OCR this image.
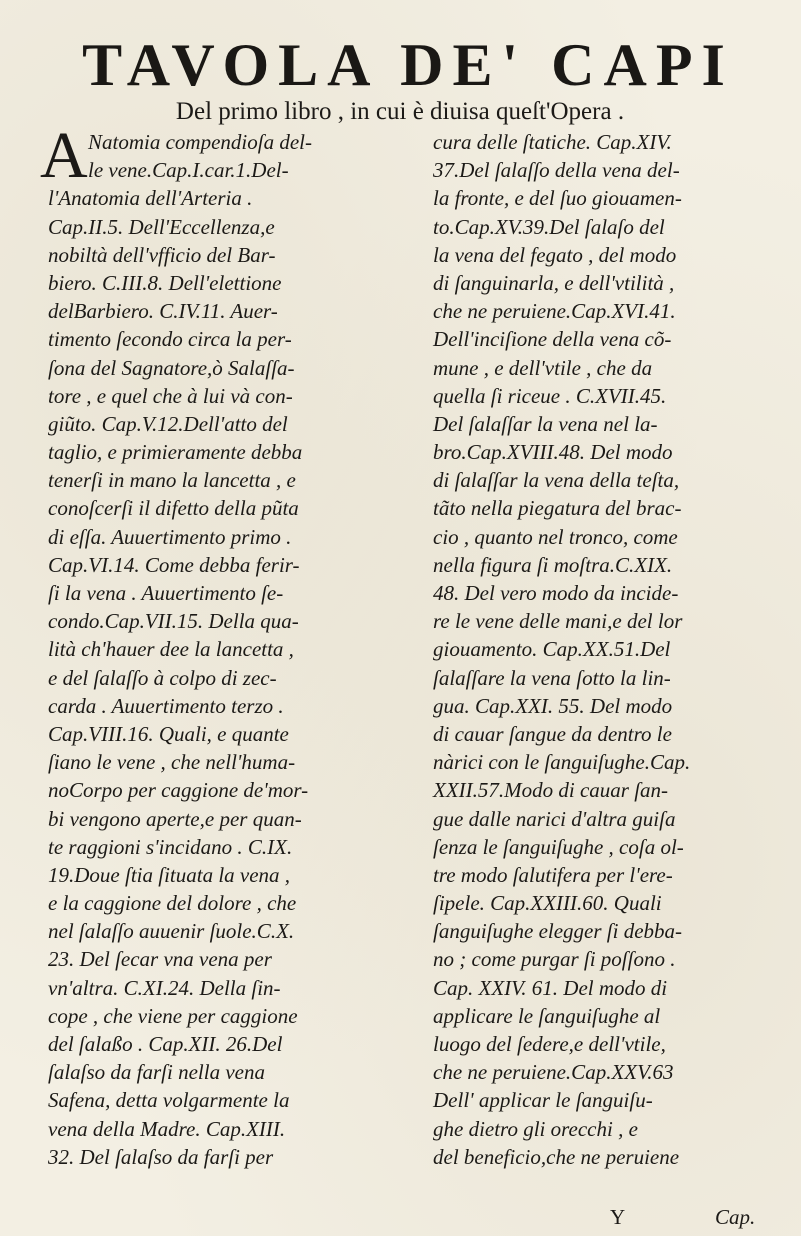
TAVOLA DE' CAPI
Del primo libro , in cui è diuisa queſt'Opera .
A Natomia compendioſa del-
le vene.Cap.I.car.1.Del-
l'Anatomia dell'Arteria .
Cap.II.5. Dell'Eccellenza,e
nobiltà dell'vfficio del Bar-
biero. C.III.8. Dell'elettione
delBarbiero. C.IV.11. Auer-
timento ſecondo circa la per-
ſona del Sagnatore,ò Salaſſa-
tore , e quel che à lui và con-
giũto. Cap.V.12.Dell'atto del
taglio, e primieramente debba
tenerſi in mano la lancetta , e
conoſcerſi il difetto della pũta
di eſſa. Auuertimento primo .
Cap.VI.14. Come debba ferir-
ſi la vena . Auuertimento ſe-
condo.Cap.VII.15. Della qua-
lità ch'hauer dee la lancetta ,
e del ſalaſſo à colpo di zec-
carda . Auuertimento terzo .
Cap.VIII.16. Quali, e quante
ſiano le vene , che nell'huma-
noCorpo per caggione de'mor-
bi vengono aperte,e per quan-
te raggioni s'incidano . C.IX.
19.Doue ſtia ſituata la vena ,
e la caggione del dolore , che
nel ſalaſſo auuenir ſuole.C.X.
23. Del ſecar vna vena per
vn'altra. C.XI.24. Della ſin-
cope , che viene per caggione
del ſalaßo . Cap.XII. 26.Del
ſalaſso da farſi nella vena
Safena, detta volgarmente la
vena della Madre. Cap.XIII.
32. Del ſalaſso da farſi per
cura delle ſtatiche. Cap.XIV.
37.Del ſalaſſo della vena del-
la fronte, e del ſuo giouamen-
to.Cap.XV.39.Del ſalaſo del
la vena del fegato , del modo
di ſanguinarla, e dell'vtilità ,
che ne peruiene.Cap.XVI.41.
Dell'inciſione della vena cõ-
mune , e dell'vtile , che da
quella ſi riceue . C.XVII.45.
Del ſalaſſar la vena nel la-
bro.Cap.XVIII.48. Del modo
di ſalaſſar la vena della teſta,
tãto nella piegatura del brac-
cio , quanto nel tronco, come
nella figura ſi moſtra.C.XIX.
48. Del vero modo da incide-
re le vene delle mani,e del lor
giouamento. Cap.XX.51.Del
ſalaſſare la vena ſotto la lin-
gua. Cap.XXI. 55. Del modo
di cauar ſangue da dentro le
nàrici con le ſanguiſughe.Cap.
XXII.57.Modo di cauar ſan-
gue dalle narici d'altra guiſa
ſenza le ſanguiſughe , coſa ol-
tre modo ſalutifera per l'ere-
ſipele. Cap.XXIII.60. Quali
ſanguiſughe elegger ſi debba-
no ; come purgar ſi poſſono .
Cap. XXIV. 61. Del modo di
applicare le ſanguiſughe al
luogo del ſedere,e dell'vtile,
che ne peruiene.Cap.XXV.63
Dell' applicar le ſanguiſu-
ghe dietro gli orecchi , e
del beneficio,che ne peruiene
Y	Cap.
